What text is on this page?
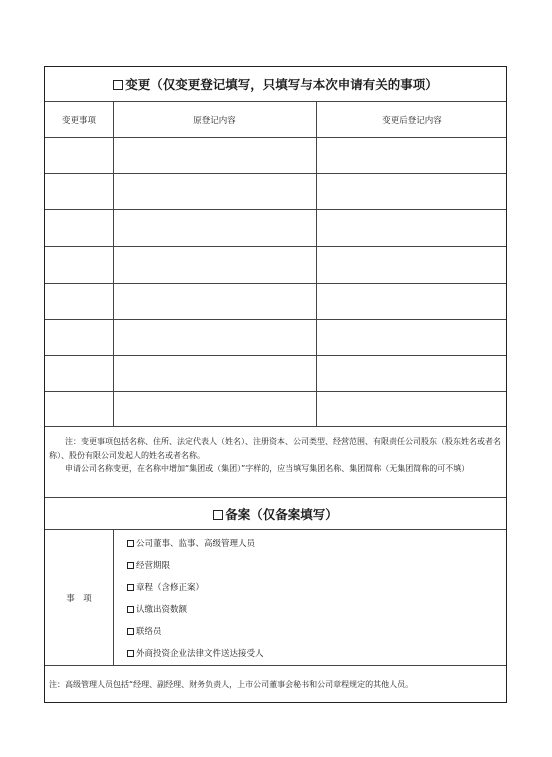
变更（仅变更登记填写，只填写与本次申请有关的事项）
变更事项	原登记内容	变更后登记内容

注：变更事项包括名称、住所、法定代表人（姓名）、注册资本、公司类型、经营范围、有限责任公司股东（股东姓名或者名称）、股份有限公司发起人的姓名或者名称。

申请公司名称变更，在名称中增加“集团或（集团）”字样的，应当填写集团名称、集团简称（无集团简称的可不填）

备案（仅备案填写）
事　项
公司董事、监事、高级管理人员
经营期限
章程（含修正案）
认缴出资数额
联络员
外商投资企业法律文件送达接受人
注：高级管理人员包括“经理、副经理、财务负责人，上市公司董事会秘书和公司章程规定的其他人员。
